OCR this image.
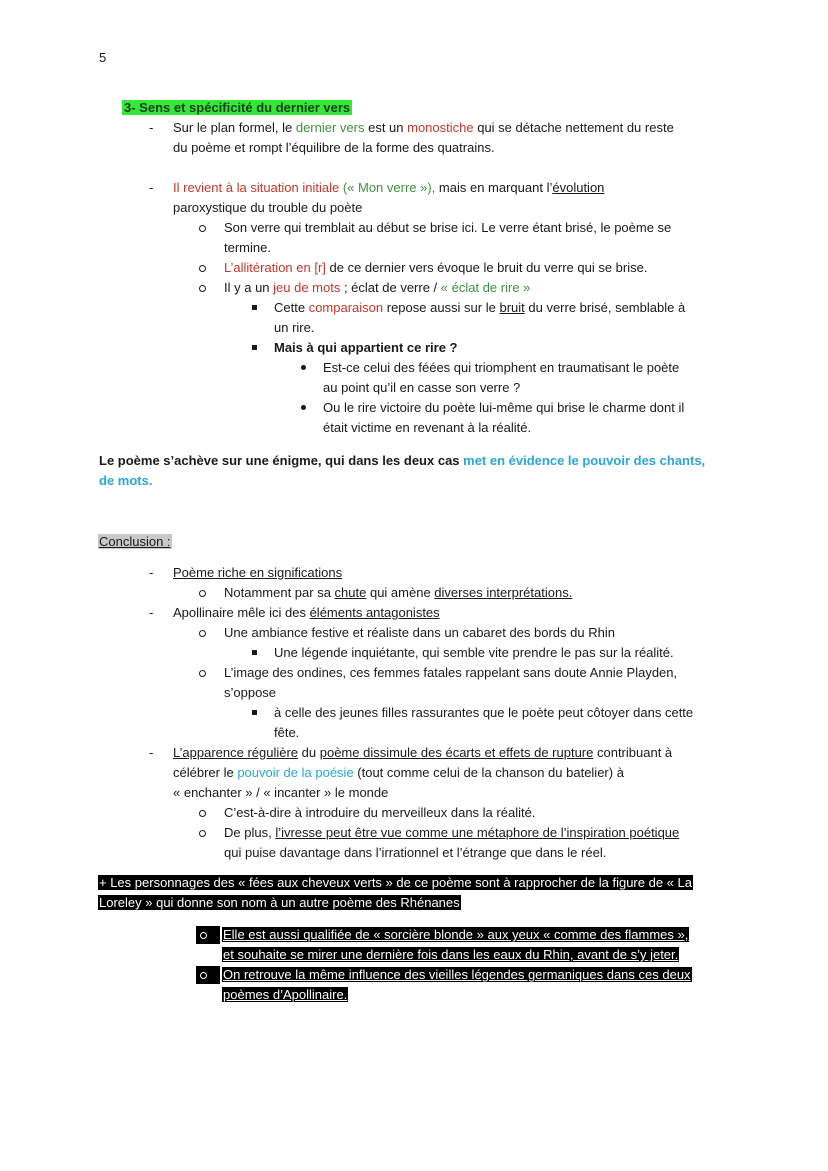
5
3- Sens et spécificité du dernier vers
- Sur le plan formel, le dernier vers est un monostiche qui se détache nettement du reste
du poème et rompt l’équilibre de la forme des quatrains.
- Il revient à la situation initiale (« Mon verre »), mais en marquant l’évolution
paroxystique du trouble du poète
Son verre qui tremblait au début se brise ici. Le verre étant brisé, le poème se
termine.
L’allitération en [r] de ce dernier vers évoque le bruit du verre qui se brise.
Il y a un jeu de mots ; éclat de verre / « éclat de rire »
Cette comparaison repose aussi sur le bruit du verre brisé, semblable à
un rire.
Mais à qui appartient ce rire ?
Est-ce celui des féées qui triomphent en traumatisant le poète
au point qu’il en casse son verre ?
Ou le rire victoire du poète lui-même qui brise le charme dont il
était victime en revenant à la réalité.
Le poème s’achève sur une énigme, qui dans les deux cas met en évidence le pouvoir des chants,
de mots.
Conclusion :
- Poème riche en significations
Notamment par sa chute qui amène diverses interprétations.
- Apollinaire mêle ici des éléments antagonistes
Une ambiance festive et réaliste dans un cabaret des bords du Rhin
Une légende inquiétante, qui semble vite prendre le pas sur la réalité.
L’image des ondines, ces femmes fatales rappelant sans doute Annie Playden,
s’oppose
à celle des jeunes filles rassurantes que le poète peut côtoyer dans cette
fête.
- L’apparence régulière du poème dissimule des écarts et effets de rupture contribuant à
célébrer le pouvoir de la poésie (tout comme celui de la chanson du batelier) à
« enchanter » / « incanter » le monde
C’est-à-dire à introduire du merveilleux dans la réalité.
De plus, l’ivresse peut être vue comme une métaphore de l’inspiration poétique
qui puise davantage dans l’irrationnel et l’étrange que dans le réel.
+ Les personnages des « fées aux cheveux verts » de ce poème sont à rapprocher de la figure de « La
Loreley » qui donne son nom à un autre poème des Rhénanes
Elle est aussi qualifiée de « sorcière blonde » aux yeux « comme des flammes »,
et souhaite se mirer une dernière fois dans les eaux du Rhin, avant de s’y jeter.
On retrouve la même influence des vieilles légendes germaniques dans ces deux
poèmes d’Apollinaire.
